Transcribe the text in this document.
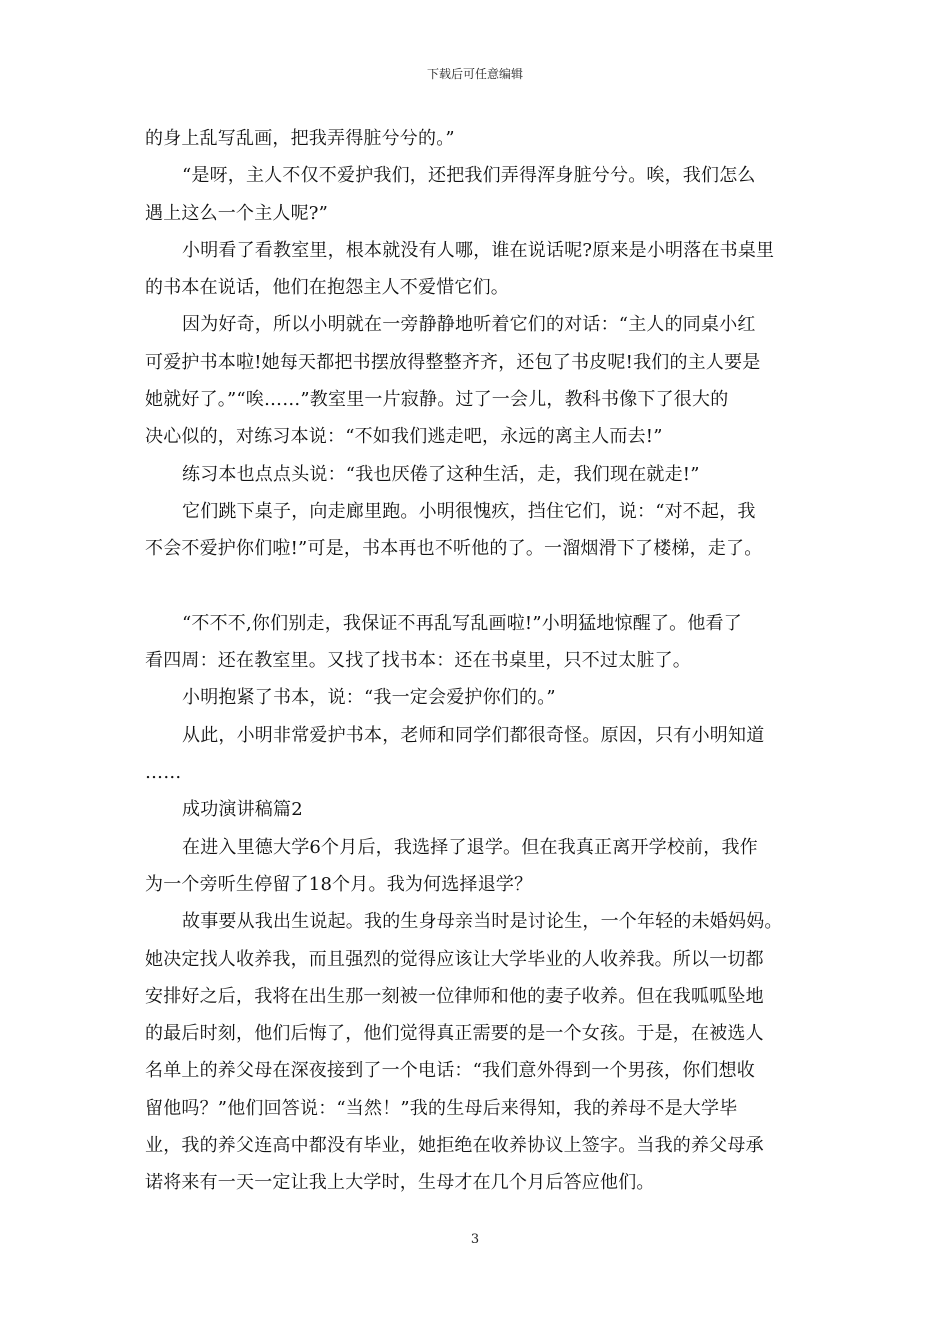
下载后可任意编辑
的身上乱写乱画，把我弄得脏兮兮的。”
“是呀，主人不仅不爱护我们，还把我们弄得浑身脏兮兮。唉，我们怎么
遇上这么一个主人呢?”
小明看了看教室里，根本就没有人哪，谁在说话呢?原来是小明落在书桌里
的书本在说话，他们在抱怨主人不爱惜它们。
因为好奇，所以小明就在一旁静静地听着它们的对话：“主人的同桌小红
可爱护书本啦!她每天都把书摆放得整整齐齐，还包了书皮呢!我们的主人要是
她就好了。”“唉……”教室里一片寂静。过了一会儿，教科书像下了很大的
决心似的，对练习本说：“不如我们逃走吧，永远的离主人而去!”
练习本也点点头说：“我也厌倦了这种生活，走，我们现在就走!”
它们跳下桌子，向走廊里跑。小明很愧疚，挡住它们，说：“对不起，我
不会不爱护你们啦!”可是，书本再也不听他的了。一溜烟滑下了楼梯，走了。
“不不不,你们别走，我保证不再乱写乱画啦!”小明猛地惊醒了。他看了
看四周：还在教室里。又找了找书本：还在书桌里，只不过太脏了。
小明抱紧了书本，说：“我一定会爱护你们的。”
从此，小明非常爱护书本，老师和同学们都很奇怪。原因，只有小明知道
……
成功演讲稿篇2
在进入里德大学6个月后，我选择了退学。但在我真正离开学校前，我作
为一个旁听生停留了18个月。我为何选择退学？
故事要从我出生说起。我的生身母亲当时是讨论生，一个年轻的未婚妈妈。
她决定找人收养我，而且强烈的觉得应该让大学毕业的人收养我。所以一切都
安排好之后，我将在出生那一刻被一位律师和他的妻子收养。但在我呱呱坠地
的最后时刻，他们后悔了，他们觉得真正需要的是一个女孩。于是，在被选人
名单上的养父母在深夜接到了一个电话：“我们意外得到一个男孩，你们想收
留他吗？”他们回答说：“当然！”我的生母后来得知，我的养母不是大学毕
业，我的养父连高中都没有毕业，她拒绝在收养协议上签字。当我的养父母承
诺将来有一天一定让我上大学时，生母才在几个月后答应他们。
3
